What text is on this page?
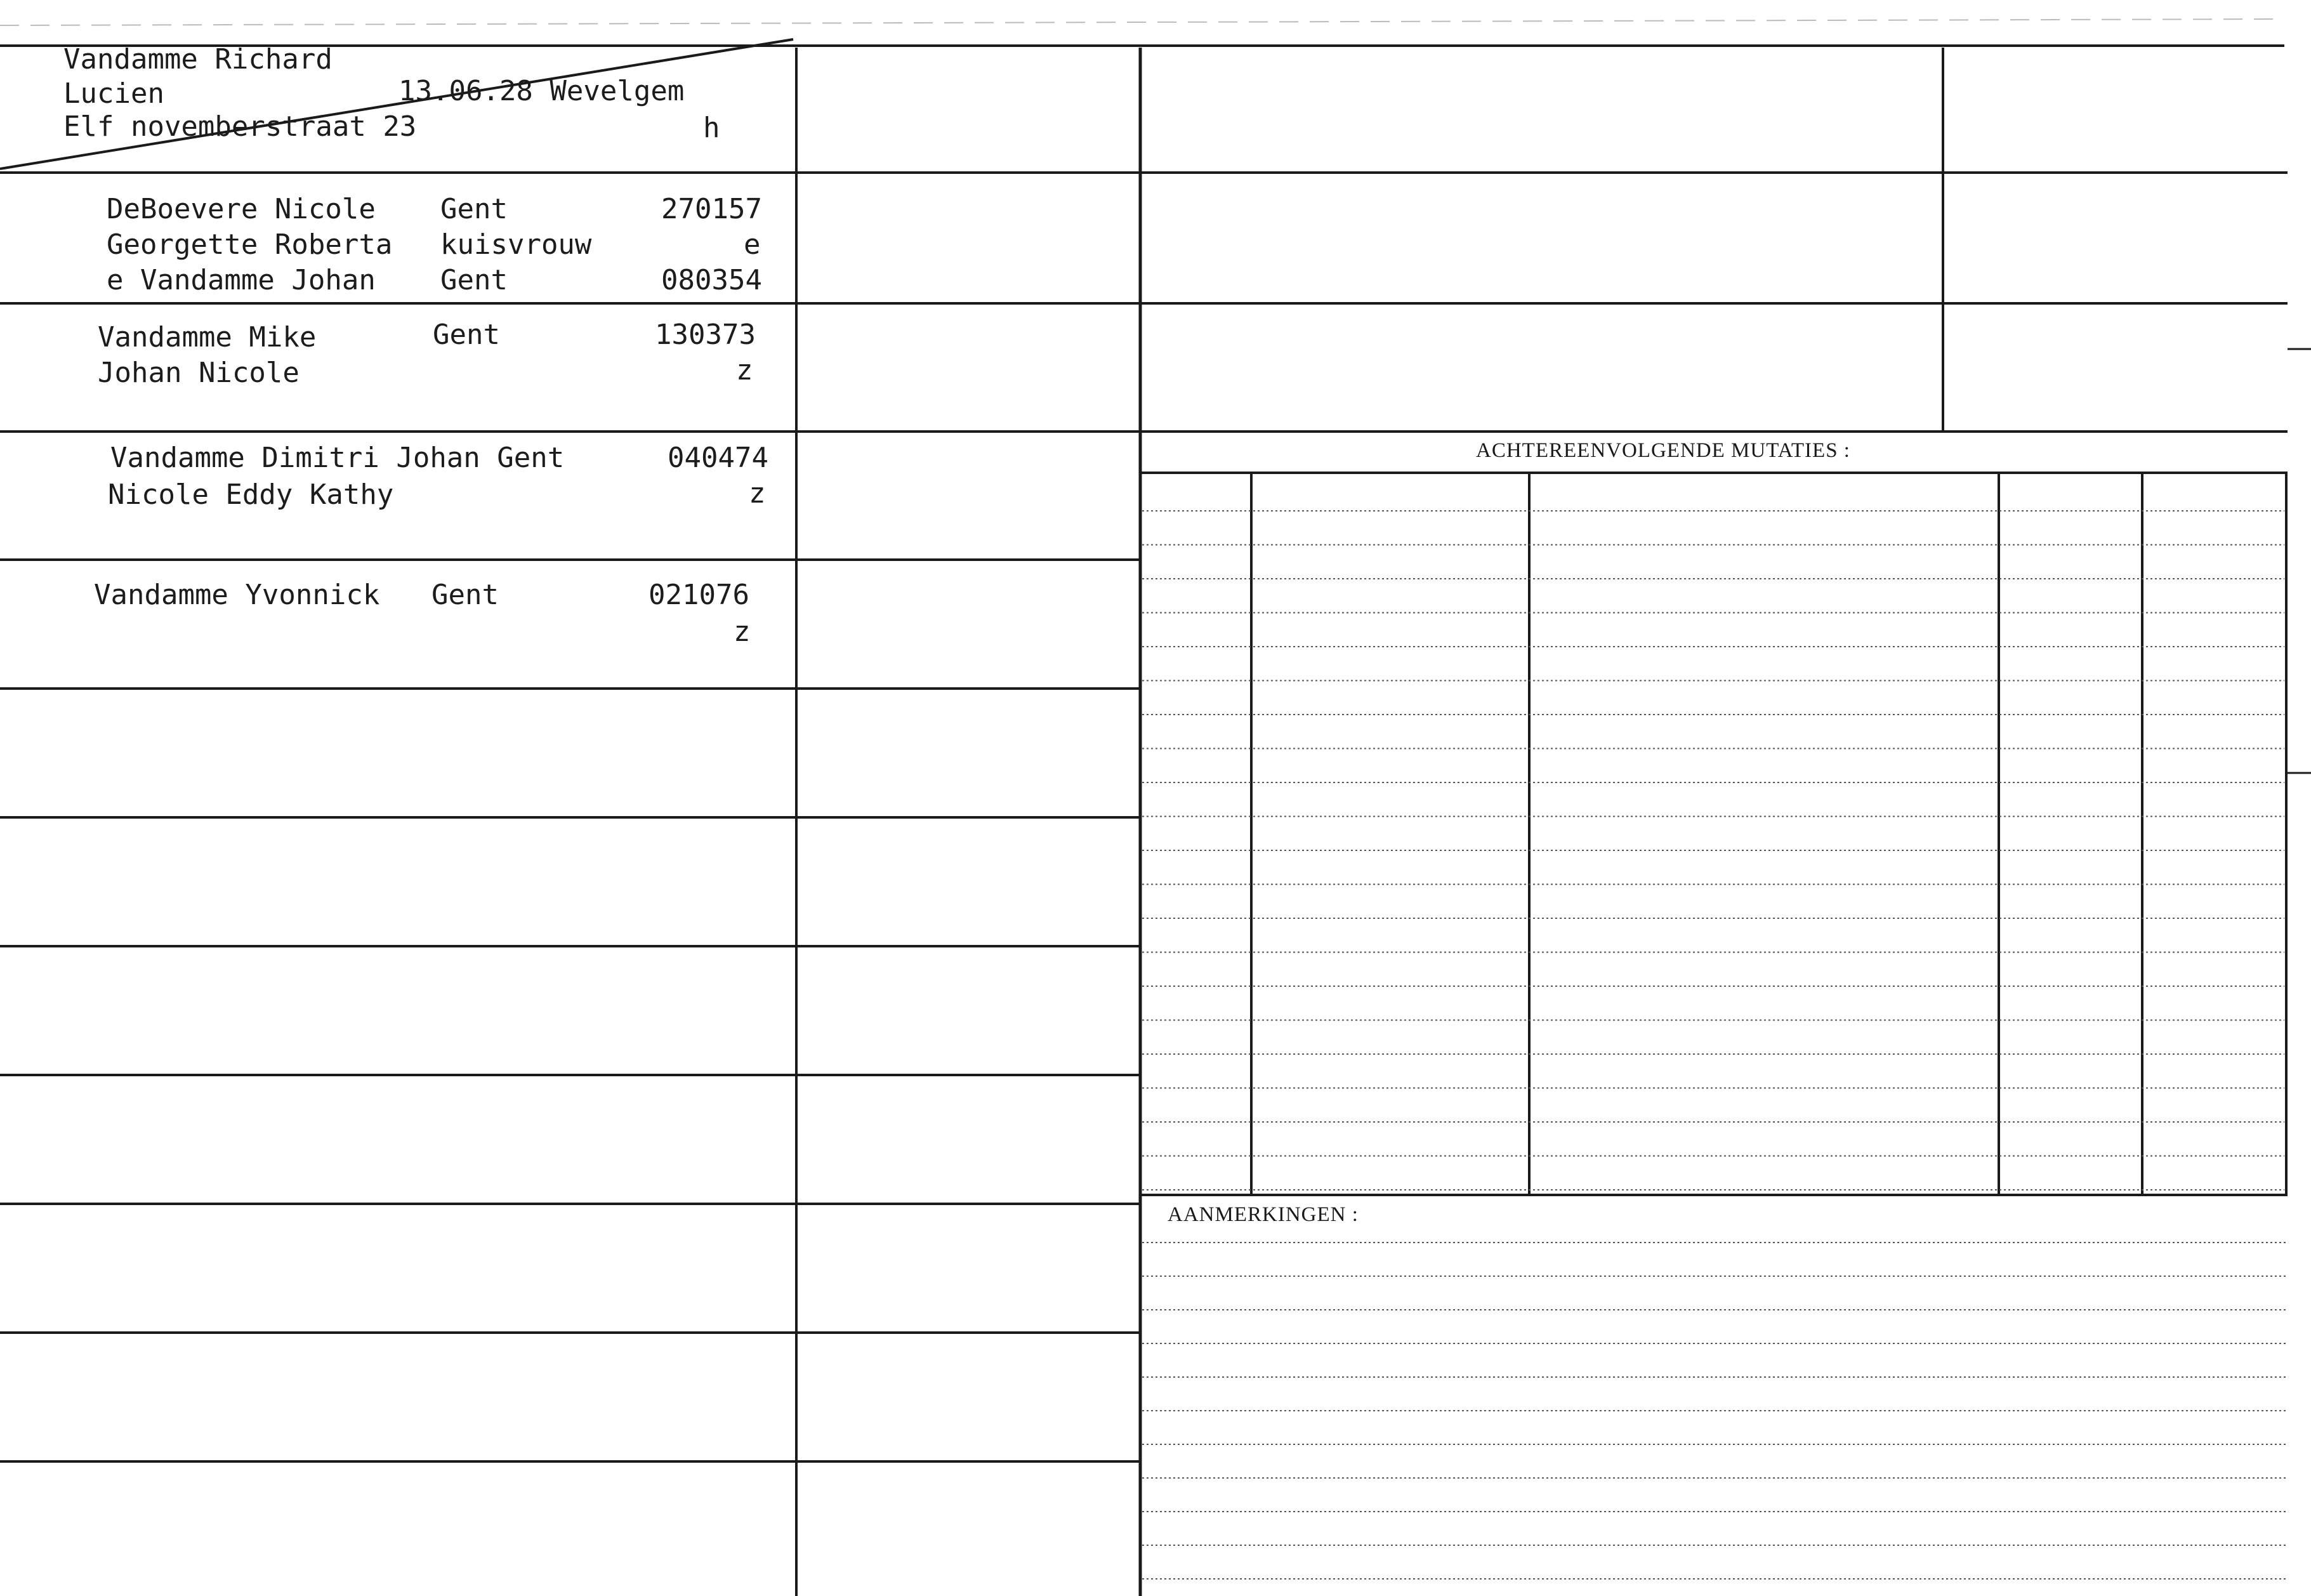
Vandamme Richard
Lucien
Elf novemberstraat 23
13.06.28 Wevelgem
h
DeBoevere Nicole
Georgette Roberta
e Vandamme Johan
Gent
kuisvrouw
Gent
270157
e
080354
Vandamme Mike
Johan Nicole
Gent	130373
z
Vandamme Dimitri Johan Gent
Nicole Eddy Kathy
040474
z
Vandamme Yvonnick Gent	021076
z
ACHTEREENVOLGENDE MUTATIES :
AANMERKINGEN :
